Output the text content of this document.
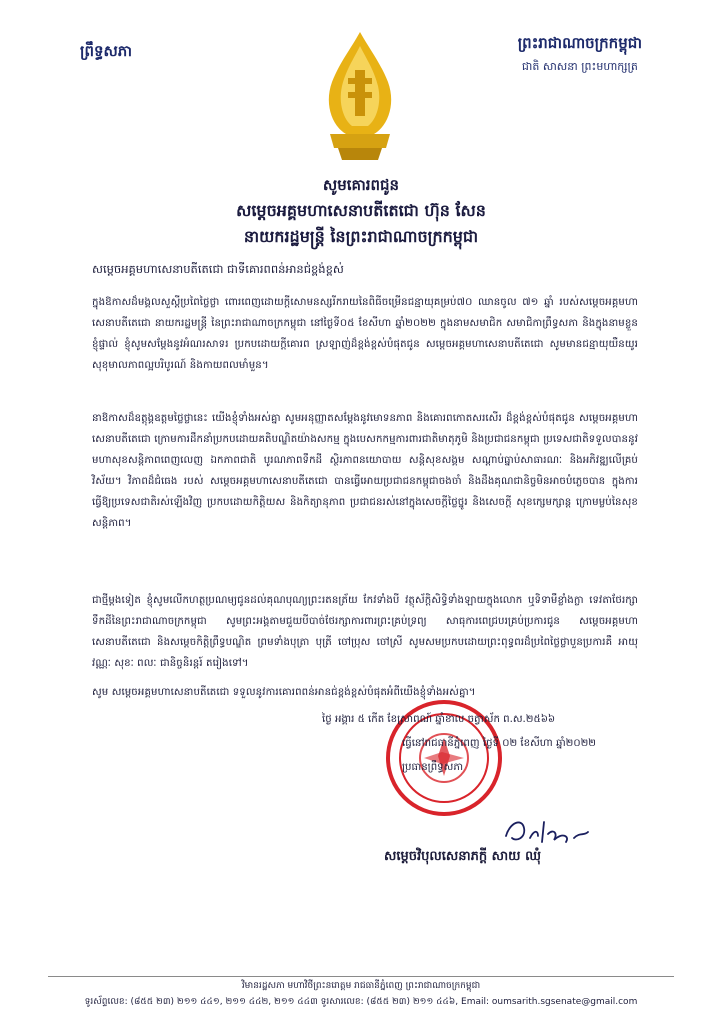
ព្រឹទ្ធសភា	ព្រះរាជាណាចក្រកម្ពុជា
ជាតិ សាសនា ព្រះមហាក្សត្រ
សូមគោរពជូន
សម្តេចអគ្គមហាសេនាបតីតេជោ ហ៊ុន សែន
នាយករដ្ឋមន្ត្រី នៃព្រះរាជាណាចក្រកម្ពុជា
សម្តេចអគ្គមហាសេនាបតីតេជោ ជាទីគោរពពន់អានជ់ខ្ពង់ខ្ពស់
ក្នុងឱកាសដ៏មង្គលសួស្តីប្រពៃថ្លៃថ្លា ពោរពេញដោយក្តីសោមនស្សរីករាយនៃពិធីចម្រើនជន្មាយុគម្រប់៧០ ឈានចូល ៧១ ឆ្នាំ របស់សម្តេចអគ្គមហាសេនាបតីតេជោ នាយករដ្ឋមន្ត្រី នៃព្រះរាជាណាចក្រកម្ពុជា នៅថ្ងៃទី០៥ ខែសីហា ឆ្នាំ២០២២ ក្នុងនាមសមាជិក សមាជិកាព្រឹទ្ធសភា និងក្នុងនាមខ្លួនខ្ញុំផ្ទាល់ ខ្ញុំសូមសម្តែងនូវអំណរសាទរ ប្រកបដោយក្តីគោរព ស្រឡាញ់ដ៏ខ្ពង់ខ្ពស់បំផុតជូន សម្តេចអគ្គមហាសេនាបតីតេជោ សូមមានជន្មាយុយឺនយូរ សុខុមាលភាពល្អបរិបូរណ៍ និងកាយពលមាំមួន។
នាឱកាសដ៏ឧត្តុង្គឧត្តមថ្លៃថ្លានេះ យើងខ្ញុំទាំងអស់គ្នា សូមអនុញ្ញាតសម្តែងនូវមោទនភាព និងគោរពកោតសរសើរ ដ៏ខ្ពង់ខ្ពស់បំផុតជូន សម្តេចអគ្គមហាសេនាបតីតេជោ ក្រោមការដឹកនាំប្រកបដោយគតិបណ្ឌិតយ៉ាងសកម្ម ក្នុងបេសកកម្មការពារជាតិមាតុភូមិ និងប្រជាជនកម្ពុជា ប្រទេសជាតិទទួលបាននូវមហាសុខសន្តិភាពពេញលេញ ឯកភាពជាតិ បូរណភាពទឹកដី ស្ថិរភាពនយោបាយ សន្តិសុខសង្គម សណ្តាប់ធ្នាប់សាធារណៈ និងអភិវឌ្ឍលើគ្រប់វិស័យ។ វិភាពដ៏ជំធេង របស់ សម្តេចអគ្គមហាសេនាបតីតេជោ បានធ្វើអោយប្រជាជនកម្ពុជាចងចាំ និងដឹងគុណជានិច្ចមិនអាចបំភ្លេចបាន ក្នុងការធ្វើឱ្យប្រទេសជាតិរស់ឡើងវិញ ប្រកបដោយកិត្តិយស និងកិត្យានុភាព ប្រជាជនរស់នៅក្នុងសេចក្តីថ្លៃថ្នូរ និងសេចក្តី សុខក្សេមក្សាន្ត ក្រោមម្លប់នៃសុខសន្តិភាព។
ជាថ្មីម្តងទៀត ខ្ញុំសូមលើកហត្ថប្រណម្យជូនដល់គុណបុណ្យព្រះរតនត្រ័យ កែវទាំងបី វត្ថុស័ក្តិសិទ្ធិទាំងឡាយក្នុងលោក ឬទិទាមឹខ្លាំងក្លា ទេវតាថែរក្សាទឹកដីនៃព្រះរាជាណាចក្រកម្ពុជា សូមព្រះអង្គតាមជួយបីបាច់ថែរក្សាការពារព្រះគ្រប់ទ្រព្យ សាធុការពេជ្របរគ្រប់ប្រការជូន សម្តេចអគ្គមហាសេនាបតីតេជោ និងសម្តេចកិត្តិព្រឹទ្ធបណ្ឌិត ព្រមទាំងបុត្រា បុត្រី ចៅប្រុស ចៅស្រី សូមសមប្រកបដោយព្រះពុទ្ធពរដ៏ប្រពៃថ្លៃថ្លាបួនប្រការគឺ អាយុ វណ្ណៈ សុខៈ ពលៈ ជានិច្ចនិរន្តរ៍ តរៀងទៅ។
សូម សម្តេចអគ្គមហាសេនាបតីតេជោ ទទួលនូវការគោរពពន់អានជ់ខ្ពង់ខ្ពស់បំផុតអំពីយើងខ្ញុំទាំងអស់គ្នា។
ថ្ងៃ អង្គារ ៥ កើត ខែស្រាពណ៍ ឆ្នាំខាល ចត្វាស័ក ព.ស.២៥៦៦
ធ្វើនៅរាជធានីភ្នំពេញ ថ្ងៃទី ០២ ខែសីហា ឆ្នាំ២០២២
ប្រធានព្រឹទ្ធសភា
សម្តេចវិបុលសេនាភក្តី សាយ ឈុំ
វិមានរដ្ឋសភា មហាវិថីព្រះនរោត្តម រាជធានីភ្នំពេញ ព្រះរាជាណាចក្រកម្ពុជា
ទូរស័ព្ទលេខ: (៨៥៥ ២៣) ២១១ ៤៤១, ២១១ ៤៤២, ២១១ ៤៤៣ ទូរសារលេខ: (៨៥៥ ២៣) ២១១ ៤៤៦, Email: oumsarith.sgsenate@gmail.com
